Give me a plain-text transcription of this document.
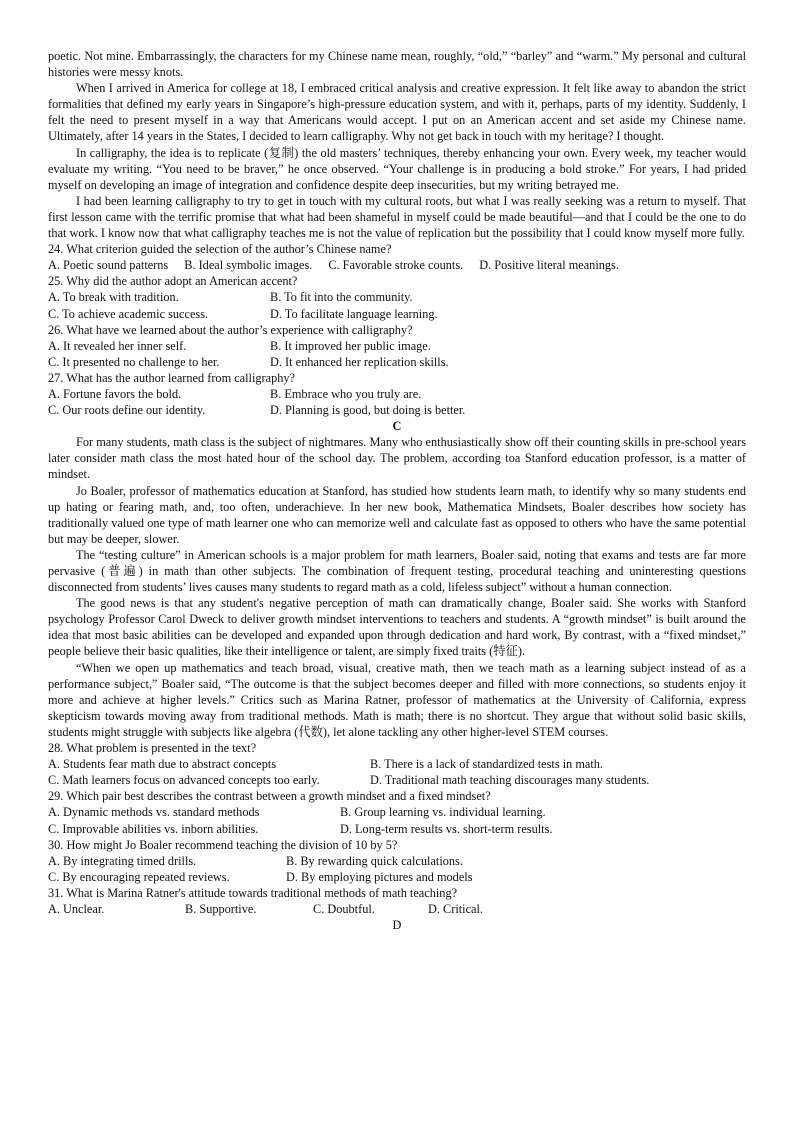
poetic. Not mine. Embarrassingly, the characters for my Chinese name mean, roughly, “old,” “barley” and “warm.” My personal and cultural histories were messy knots.

When I arrived in America for college at 18, I embraced critical analysis and creative expression. It felt like away to abandon the strict formalities that defined my early years in Singapore’s high-pressure education system, and with it, perhaps, parts of my identity. Suddenly, I felt the need to present myself in a way that Americans would accept. I put on an American accent and set aside my Chinese name. Ultimately, after 14 years in the States, I decided to learn calligraphy. Why not get back in touch with my heritage? I thought.

In calligraphy, the idea is to replicate (复制) the old masters’ techniques, thereby enhancing your own. Every week, my teacher would evaluate my writing. “You need to be braver,” he once observed. “Your challenge is in producing a bold stroke.” For years, I had prided myself on developing an image of integration and confidence despite deep insecurities, but my writing betrayed me.

I had been learning calligraphy to try to get in touch with my cultural roots, but what I was really seeking was a return to myself. That first lesson came with the terrific promise that what had been shameful in myself could be made beautiful—and that I could be the one to do that work. I know now that what calligraphy teaches me is not the value of replication but the possibility that I could know myself more fully.

24. What criterion guided the selection of the author’s Chinese name?

A. Poetic sound patterns B. Ideal symbolic images. C. Favorable stroke counts. D. Positive literal meanings.

25. Why did the author adopt an American accent?

A. To break with tradition.	B. To fit into the community.
C. To achieve academic success.	D. To facilitate language learning.

26. What have we learned about the author’s experience with calligraphy?

A. It revealed her inner self.	B. It improved her public image.
C. It presented no challenge to her.	D. It enhanced her replication skills.

27. What has the author learned from calligraphy?

A. Fortune favors the bold.	B. Embrace who you truly are.
C. Our roots define our identity.	D. Planning is good, but doing is better.

C

For many students, math class is the subject of nightmares. Many who enthusiastically show off their counting skills in pre-school years later consider math class the most hated hour of the school day. The problem, according toa Stanford education professor, is a matter of mindset.

Jo Boaler, professor of mathematics education at Stanford, has studied how students learn math, to identify why so many students end up hating or fearing math, and, too often, underachieve. In her new book, Mathematica Mindsets, Boaler describes how society has traditionally valued one type of math learner one who can memorize well and calculate fast as opposed to others who have the same potential but may be deeper, slower.

The “testing culture” in American schools is a major problem for math learners, Boaler said, noting that exams and tests are far more pervasive (普遍) in math than other subjects. The combination of frequent testing, procedural teaching and uninteresting questions disconnected from students’ lives causes many students to regard math as a cold, lifeless subject” without a human connection.

The good news is that any student's negative perception of math can dramatically change, Boaler said. She works with Stanford psychology Professor Carol Dweck to deliver growth mindset interventions to teachers and students. A “growth mindset” is built around the idea that most basic abilities can be developed and expanded upon through dedication and hard work, By contrast, with a “fixed mindset,” people believe their basic qualities, like their intelligence or talent, are simply fixed traits (特征).

“When we open up mathematics and teach broad, visual, creative math, then we teach math as a learning subject instead of as a performance subject,” Boaler said, “The outcome is that the subject becomes deeper and filled with more connections, so students enjoy it more and achieve at higher levels.” Critics such as Marina Ratner, professor of mathematics at the University of California, express skepticism towards moving away from traditional methods. Math is math; there is no shortcut. They argue that without solid basic skills, students might struggle with subjects like algebra (代数), let alone tackling any other higher-level STEM courses.

28. What problem is presented in the text?

A. Students fear math due to abstract concepts	B. There is a lack of standardized tests in math.
C. Math learners focus on advanced concepts too early.	D. Traditional math teaching discourages many students.

29. Which pair best describes the contrast between a growth mindset and a fixed mindset?

A. Dynamic methods vs. standard methods	B. Group learning vs. individual learning.
C. Improvable abilities vs. inborn abilities.	D. Long-term results vs. short-term results.

30. How might Jo Boaler recommend teaching the division of 10 by 5?

A. By integrating timed drills.	B. By rewarding quick calculations.
C. By encouraging repeated reviews.	D. By employing pictures and models

31. What is Marina Ratner's attitude towards traditional methods of math teaching?

A. Unclear.	B. Supportive.	C. Doubtful.	D. Critical.

D
